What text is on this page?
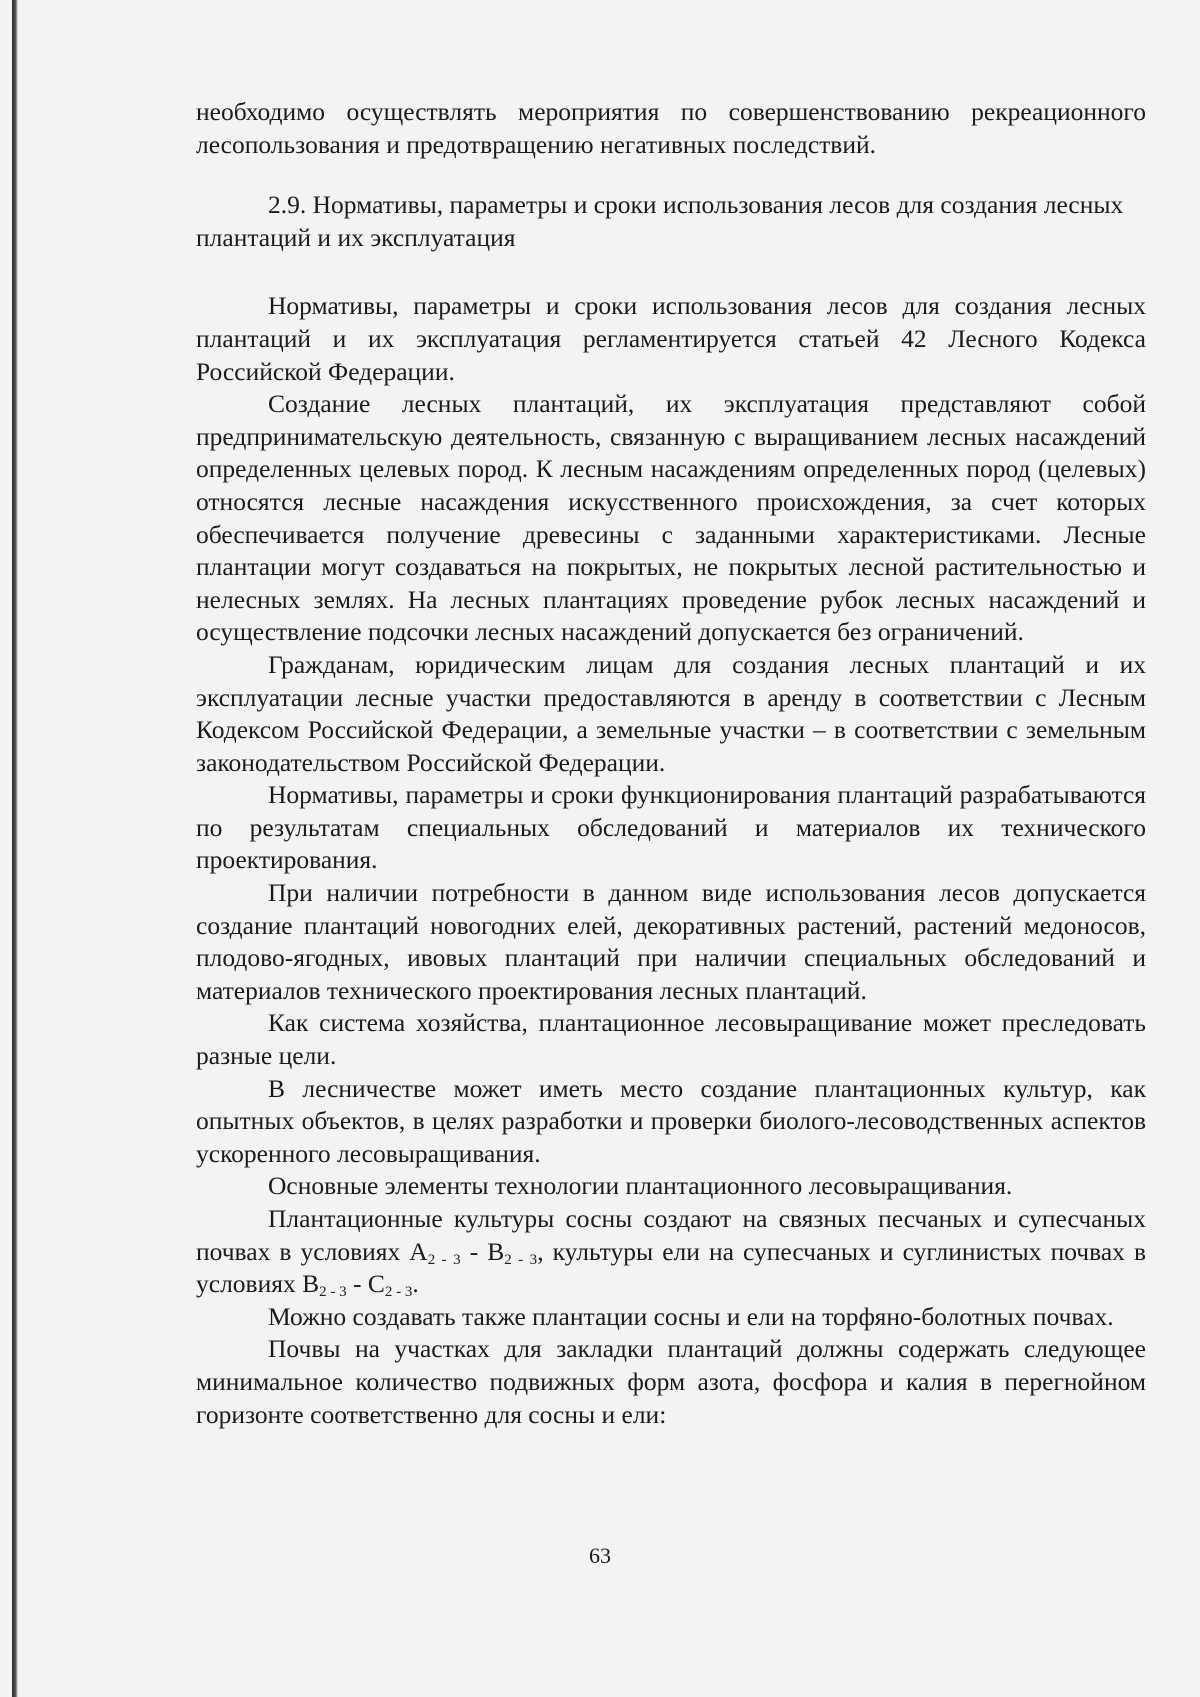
необходимо осуществлять мероприятия по совершенствованию рекреационного лесопользования и предотвращению негативных последствий.

2.9. Нормативы, параметры и сроки использования лесов для создания лесных плантаций и их эксплуатация

Нормативы, параметры и сроки использования лесов для создания лесных плантаций и их эксплуатация регламентируется статьей 42 Лесного Кодекса Российской Федерации.

Создание лесных плантаций, их эксплуатация представляют собой предпринимательскую деятельность, связанную с выращиванием лесных насаждений определенных целевых пород. К лесным насаждениям определенных пород (целевых) относятся лесные насаждения искусственного происхождения, за счет которых обеспечивается получение древесины с заданными характеристиками. Лесные плантации могут создаваться на покрытых, не покрытых лесной растительностью и нелесных землях. На лесных плантациях проведение рубок лесных насаждений и осуществление подсочки лесных насаждений допускается без ограничений.

Гражданам, юридическим лицам для создания лесных плантаций и их эксплуатации лесные участки предоставляются в аренду в соответствии с Лесным Кодексом Российской Федерации, а земельные участки – в соответствии с земельным законодательством Российской Федерации.

Нормативы, параметры и сроки функционирования плантаций разрабатываются по результатам специальных обследований и материалов их технического проектирования.

При наличии потребности в данном виде использования лесов допускается создание плантаций новогодних елей, декоративных растений, растений медоносов, плодово-ягодных, ивовых плантаций при наличии специальных обследований и материалов технического проектирования лесных плантаций.

Как система хозяйства, плантационное лесовыращивание может преследовать разные цели.

В лесничестве может иметь место создание плантационных культур, как опытных объектов, в целях разработки и проверки биолого-лесоводственных аспектов ускоренного лесовыращивания.

Основные элементы технологии плантационного лесовыращивания.

Плантационные культуры сосны создают на связных песчаных и супесчаных почвах в условиях $А_{2 - 3} - В_{2 - 3}$, культуры ели на супесчаных и суглинистых почвах в условиях $В_{2 - 3} - С_{2 - 3}$.

Можно создавать также плантации сосны и ели на торфяно-болотных почвах.

Почвы на участках для закладки плантаций должны содержать следующее минимальное количество подвижных форм азота, фосфора и калия в перегнойном горизонте соответственно для сосны и ели:

63
